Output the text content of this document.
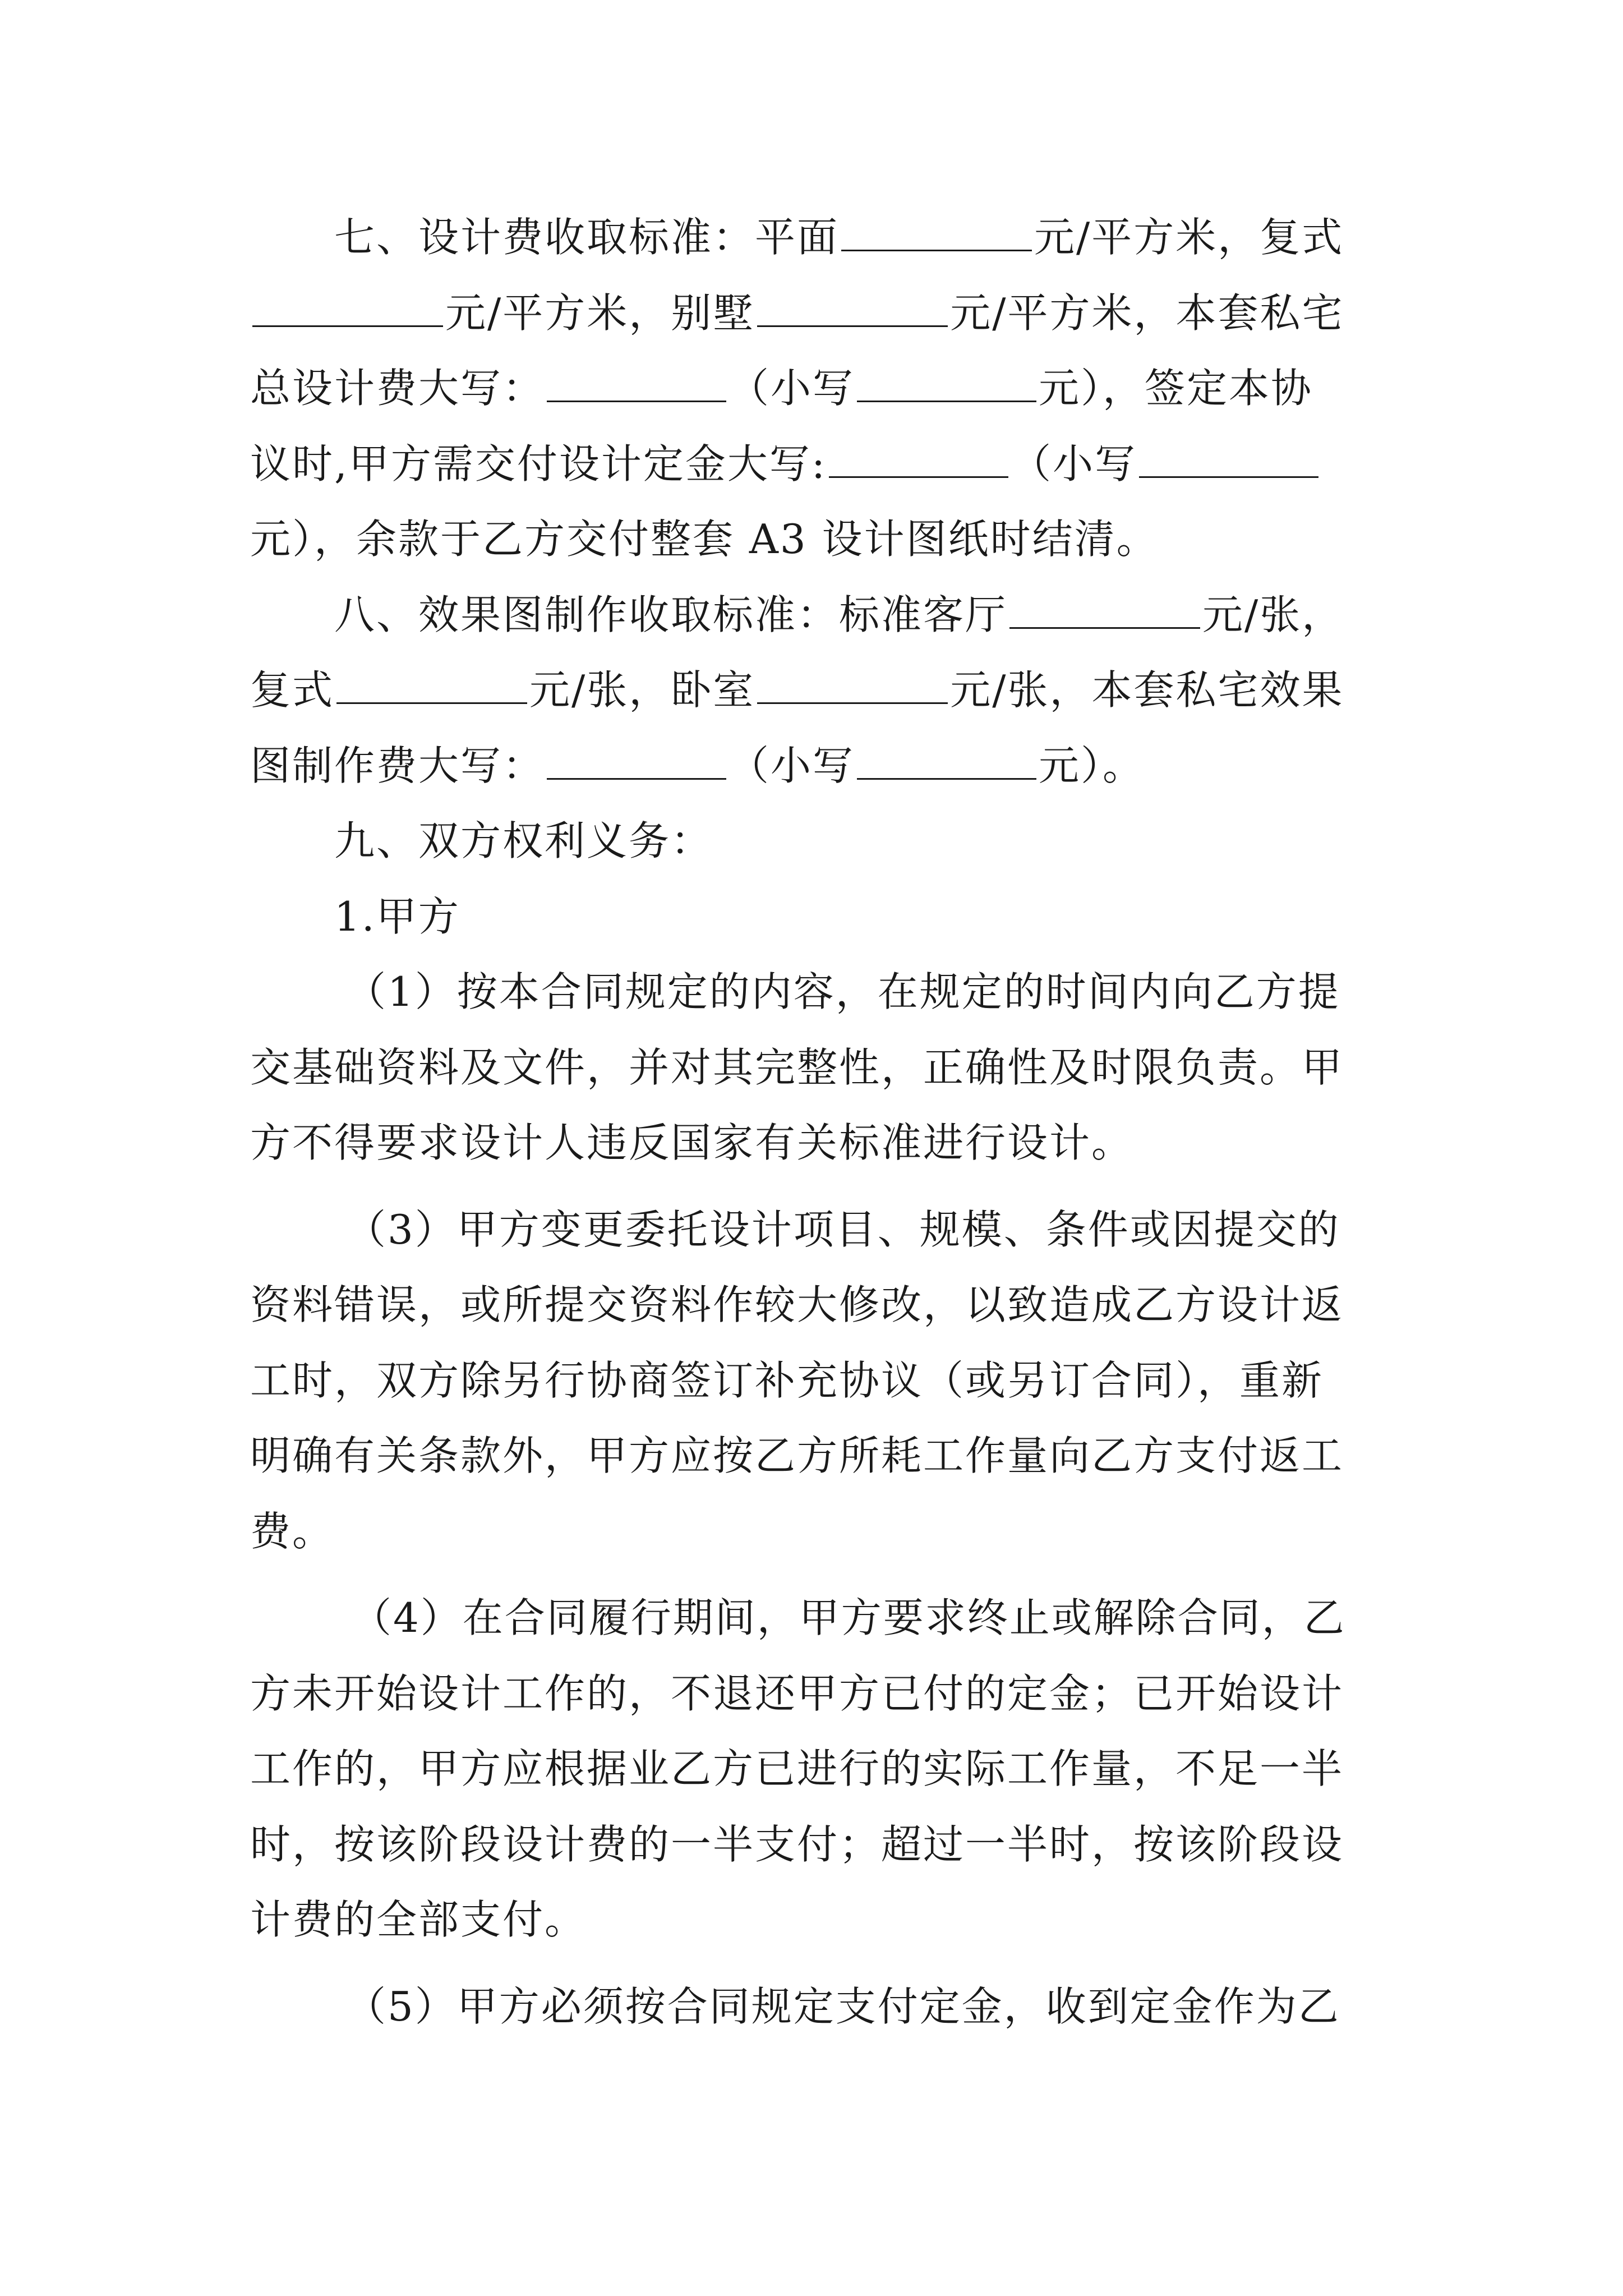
七、设计费收取标准：平面	元/平方米，复式
元/平方米，别墅	元/平方米，本套私宅
总设计费大写：	（小写	元），签定本协
议时,甲方需交付设计定金大写:	（小写
元），余款于乙方交付整套 A3 设计图纸时结清。
八、效果图制作收取标准：标准客厅	元/张，
复式	元/张，卧室	元/张，本套私宅效果
图制作费大写：	（小写	元）。
九、双方权利义务：
1.甲方
（1）按本合同规定的内容，在规定的时间内向乙方提
交基础资料及文件，并对其完整性，正确性及时限负责。甲
方不得要求设计人违反国家有关标准进行设计。
（3）甲方变更委托设计项目、规模、条件或因提交的
资料错误，或所提交资料作较大修改，以致造成乙方设计返
工时，双方除另行协商签订补充协议（或另订合同），重新
明确有关条款外，甲方应按乙方所耗工作量向乙方支付返工
费。
（4）在合同履行期间，甲方要求终止或解除合同，乙
方未开始设计工作的，不退还甲方已付的定金；已开始设计
工作的，甲方应根据业乙方已进行的实际工作量，不足一半
时，按该阶段设计费的一半支付；超过一半时，按该阶段设
计费的全部支付。
（5）甲方必须按合同规定支付定金，收到定金作为乙
